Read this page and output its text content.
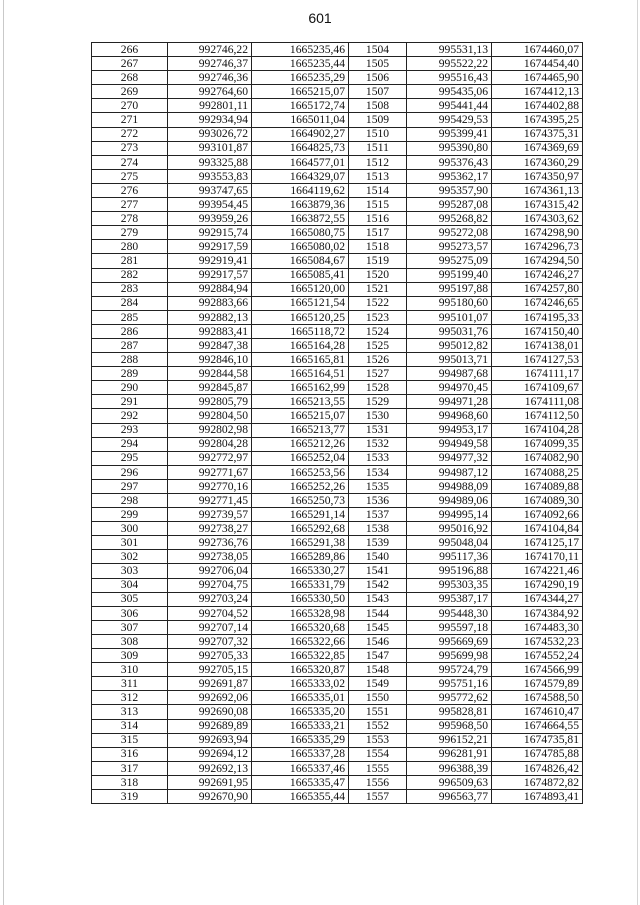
601
266	992746,22	1665235,46	1504	995531,13	1674460,07
267	992746,37	1665235,44	1505	995522,22	1674454,40
268	992746,36	1665235,29	1506	995516,43	1674465,90
269	992764,60	1665215,07	1507	995435,06	1674412,13
270	992801,11	1665172,74	1508	995441,44	1674402,88
271	992934,94	1665011,04	1509	995429,53	1674395,25
272	993026,72	1664902,27	1510	995399,41	1674375,31
273	993101,87	1664825,73	1511	995390,80	1674369,69
274	993325,88	1664577,01	1512	995376,43	1674360,29
275	993553,83	1664329,07	1513	995362,17	1674350,97
276	993747,65	1664119,62	1514	995357,90	1674361,13
277	993954,45	1663879,36	1515	995287,08	1674315,42
278	993959,26	1663872,55	1516	995268,82	1674303,62
279	992915,74	1665080,75	1517	995272,08	1674298,90
280	992917,59	1665080,02	1518	995273,57	1674296,73
281	992919,41	1665084,67	1519	995275,09	1674294,50
282	992917,57	1665085,41	1520	995199,40	1674246,27
283	992884,94	1665120,00	1521	995197,88	1674257,80
284	992883,66	1665121,54	1522	995180,60	1674246,65
285	992882,13	1665120,25	1523	995101,07	1674195,33
286	992883,41	1665118,72	1524	995031,76	1674150,40
287	992847,38	1665164,28	1525	995012,82	1674138,01
288	992846,10	1665165,81	1526	995013,71	1674127,53
289	992844,58	1665164,51	1527	994987,68	1674111,17
290	992845,87	1665162,99	1528	994970,45	1674109,67
291	992805,79	1665213,55	1529	994971,28	1674111,08
292	992804,50	1665215,07	1530	994968,60	1674112,50
293	992802,98	1665213,77	1531	994953,17	1674104,28
294	992804,28	1665212,26	1532	994949,58	1674099,35
295	992772,97	1665252,04	1533	994977,32	1674082,90
296	992771,67	1665253,56	1534	994987,12	1674088,25
297	992770,16	1665252,26	1535	994988,09	1674089,88
298	992771,45	1665250,73	1536	994989,06	1674089,30
299	992739,57	1665291,14	1537	994995,14	1674092,66
300	992738,27	1665292,68	1538	995016,92	1674104,84
301	992736,76	1665291,38	1539	995048,04	1674125,17
302	992738,05	1665289,86	1540	995117,36	1674170,11
303	992706,04	1665330,27	1541	995196,88	1674221,46
304	992704,75	1665331,79	1542	995303,35	1674290,19
305	992703,24	1665330,50	1543	995387,17	1674344,27
306	992704,52	1665328,98	1544	995448,30	1674384,92
307	992707,14	1665320,68	1545	995597,18	1674483,30
308	992707,32	1665322,66	1546	995669,69	1674532,23
309	992705,33	1665322,85	1547	995699,98	1674552,24
310	992705,15	1665320,87	1548	995724,79	1674566,99
311	992691,87	1665333,02	1549	995751,16	1674579,89
312	992692,06	1665335,01	1550	995772,62	1674588,50
313	992690,08	1665335,20	1551	995828,81	1674610,47
314	992689,89	1665333,21	1552	995968,50	1674664,55
315	992693,94	1665335,29	1553	996152,21	1674735,81
316	992694,12	1665337,28	1554	996281,91	1674785,88
317	992692,13	1665337,46	1555	996388,39	1674826,42
318	992691,95	1665335,47	1556	996509,63	1674872,82
319	992670,90	1665355,44	1557	996563,77	1674893,41
